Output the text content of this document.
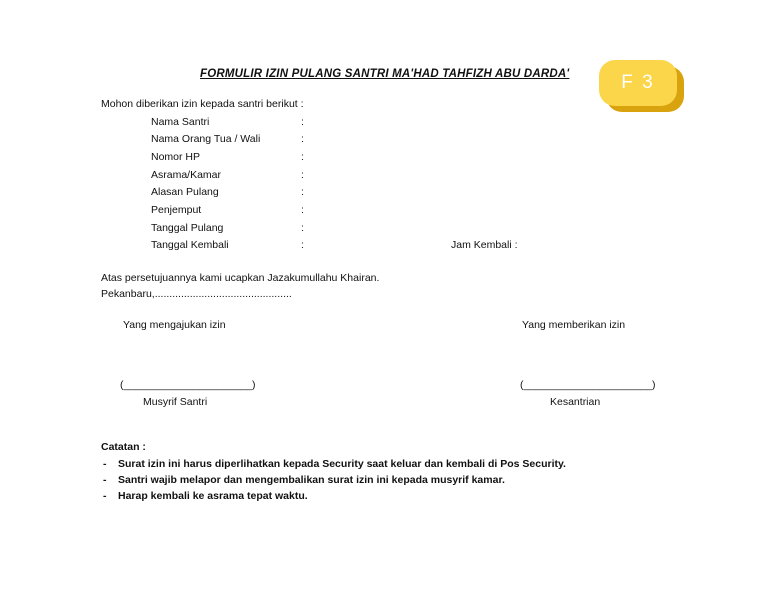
FORMULIR IZIN PULANG SANTRI MA'HAD TAHFIZH ABU DARDA'	F 3
Mohon diberikan izin kepada santri berikut :
Nama Santri	:
Nama Orang Tua / Wali	:
Nomor HP	:
Asrama/Kamar	:
Alasan Pulang	:
Penjemput	:
Tanggal Pulang	:
Tanggal Kembali	:	Jam Kembali :
Atas persetujuannya kami ucapkan Jazakumullahu Khairan.
Pekanbaru,...............................................
Yang mengajukan izin	Yang memberikan izin
(______________________)	(______________________)
Musyrif Santri	Kesantrian
Catatan :
- Surat izin ini harus diperlihatkan kepada Security saat keluar dan kembali di Pos Security.
- Santri wajib melapor dan mengembalikan surat izin ini kepada musyrif kamar.
- Harap kembali ke asrama tepat waktu.
